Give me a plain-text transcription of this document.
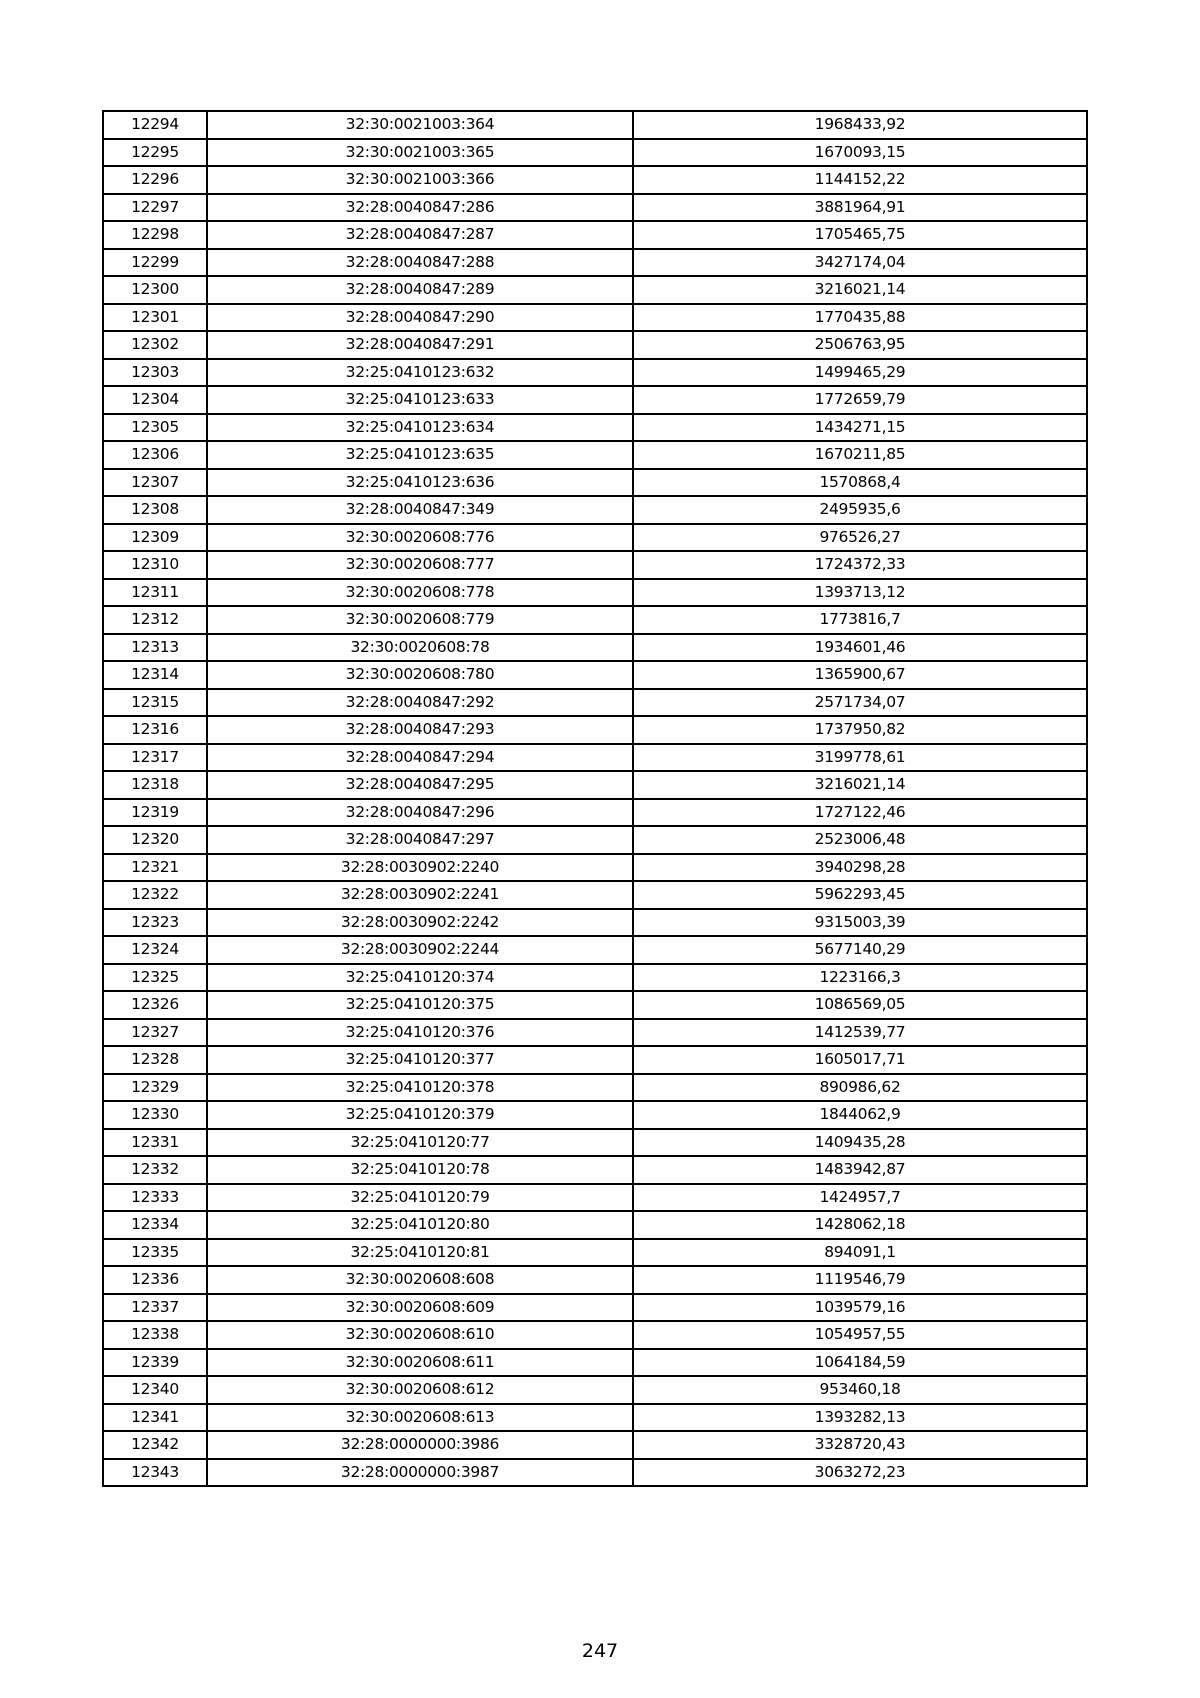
12294	32:30:0021003:364	1968433,92
12295	32:30:0021003:365	1670093,15
12296	32:30:0021003:366	1144152,22
12297	32:28:0040847:286	3881964,91
12298	32:28:0040847:287	1705465,75
12299	32:28:0040847:288	3427174,04
12300	32:28:0040847:289	3216021,14
12301	32:28:0040847:290	1770435,88
12302	32:28:0040847:291	2506763,95
12303	32:25:0410123:632	1499465,29
12304	32:25:0410123:633	1772659,79
12305	32:25:0410123:634	1434271,15
12306	32:25:0410123:635	1670211,85
12307	32:25:0410123:636	1570868,4
12308	32:28:0040847:349	2495935,6
12309	32:30:0020608:776	976526,27
12310	32:30:0020608:777	1724372,33
12311	32:30:0020608:778	1393713,12
12312	32:30:0020608:779	1773816,7
12313	32:30:0020608:78	1934601,46
12314	32:30:0020608:780	1365900,67
12315	32:28:0040847:292	2571734,07
12316	32:28:0040847:293	1737950,82
12317	32:28:0040847:294	3199778,61
12318	32:28:0040847:295	3216021,14
12319	32:28:0040847:296	1727122,46
12320	32:28:0040847:297	2523006,48
12321	32:28:0030902:2240	3940298,28
12322	32:28:0030902:2241	5962293,45
12323	32:28:0030902:2242	9315003,39
12324	32:28:0030902:2244	5677140,29
12325	32:25:0410120:374	1223166,3
12326	32:25:0410120:375	1086569,05
12327	32:25:0410120:376	1412539,77
12328	32:25:0410120:377	1605017,71
12329	32:25:0410120:378	890986,62
12330	32:25:0410120:379	1844062,9
12331	32:25:0410120:77	1409435,28
12332	32:25:0410120:78	1483942,87
12333	32:25:0410120:79	1424957,7
12334	32:25:0410120:80	1428062,18
12335	32:25:0410120:81	894091,1
12336	32:30:0020608:608	1119546,79
12337	32:30:0020608:609	1039579,16
12338	32:30:0020608:610	1054957,55
12339	32:30:0020608:611	1064184,59
12340	32:30:0020608:612	953460,18
12341	32:30:0020608:613	1393282,13
12342	32:28:0000000:3986	3328720,43
12343	32:28:0000000:3987	3063272,23
247
